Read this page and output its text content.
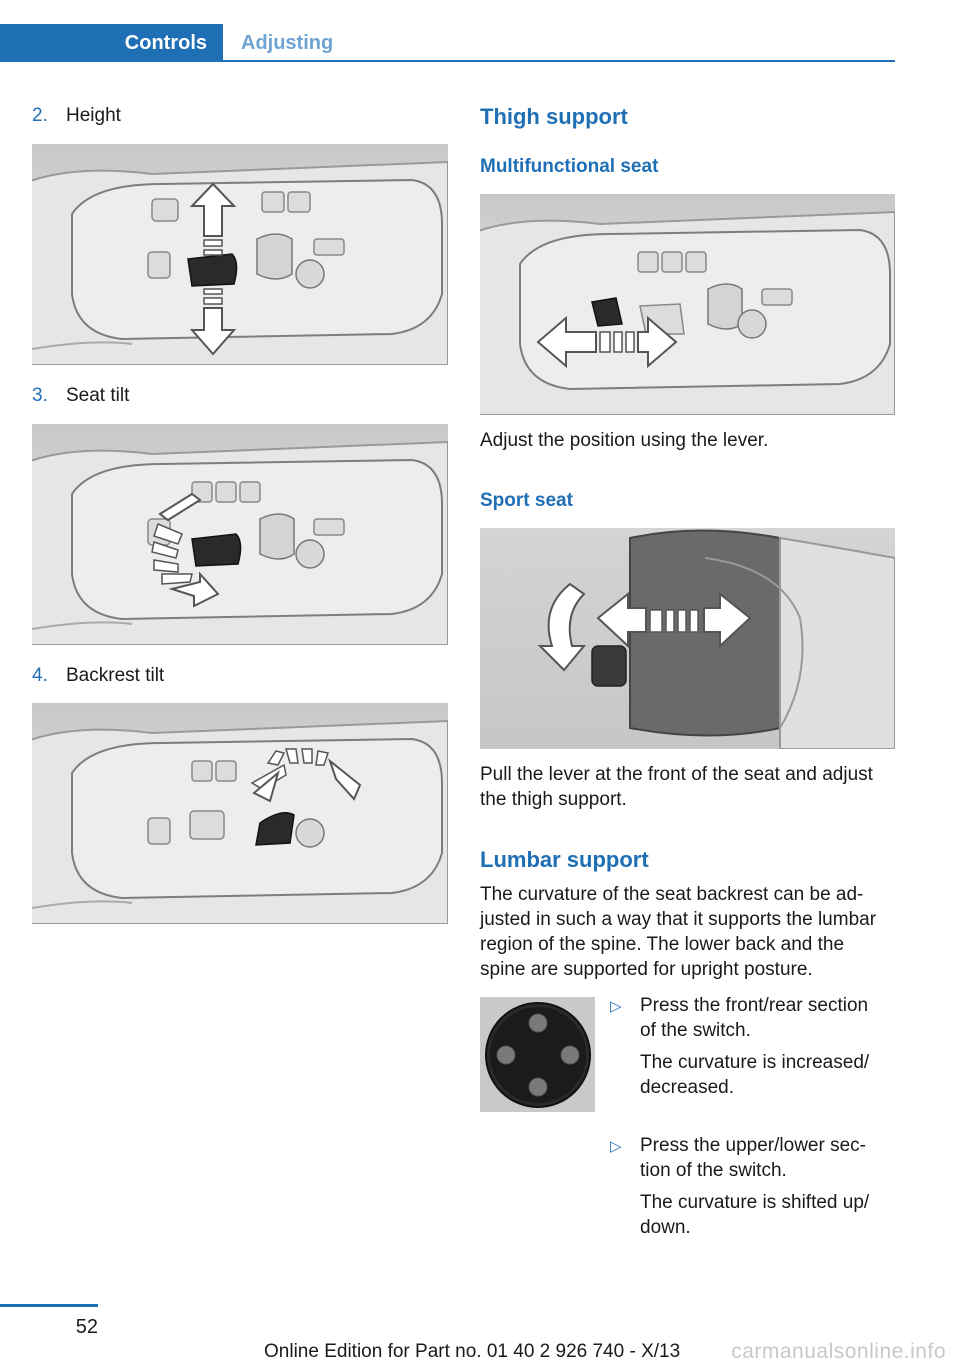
Controls Adjusting
2. Height
3. Seat tilt
4. Backrest tilt
Thigh support
Multifunctional seat
Adjust the position using the lever.
Sport seat
Pull the lever at the front of the seat and adjust
the thigh support.
Lumbar support
The curvature of the seat backrest can be ad‐
justed in such a way that it supports the lumbar
region of the spine. The lower back and the
spine are supported for upright posture.
▷ Press the front/rear section
of the switch.
The curvature is increased/
decreased.
▷ Press the upper/lower sec‐
tion of the switch.
The curvature is shifted up/
down.
52
Online Edition for Part no. 01 40 2 926 740 - X/13 carmanualsonline.info
